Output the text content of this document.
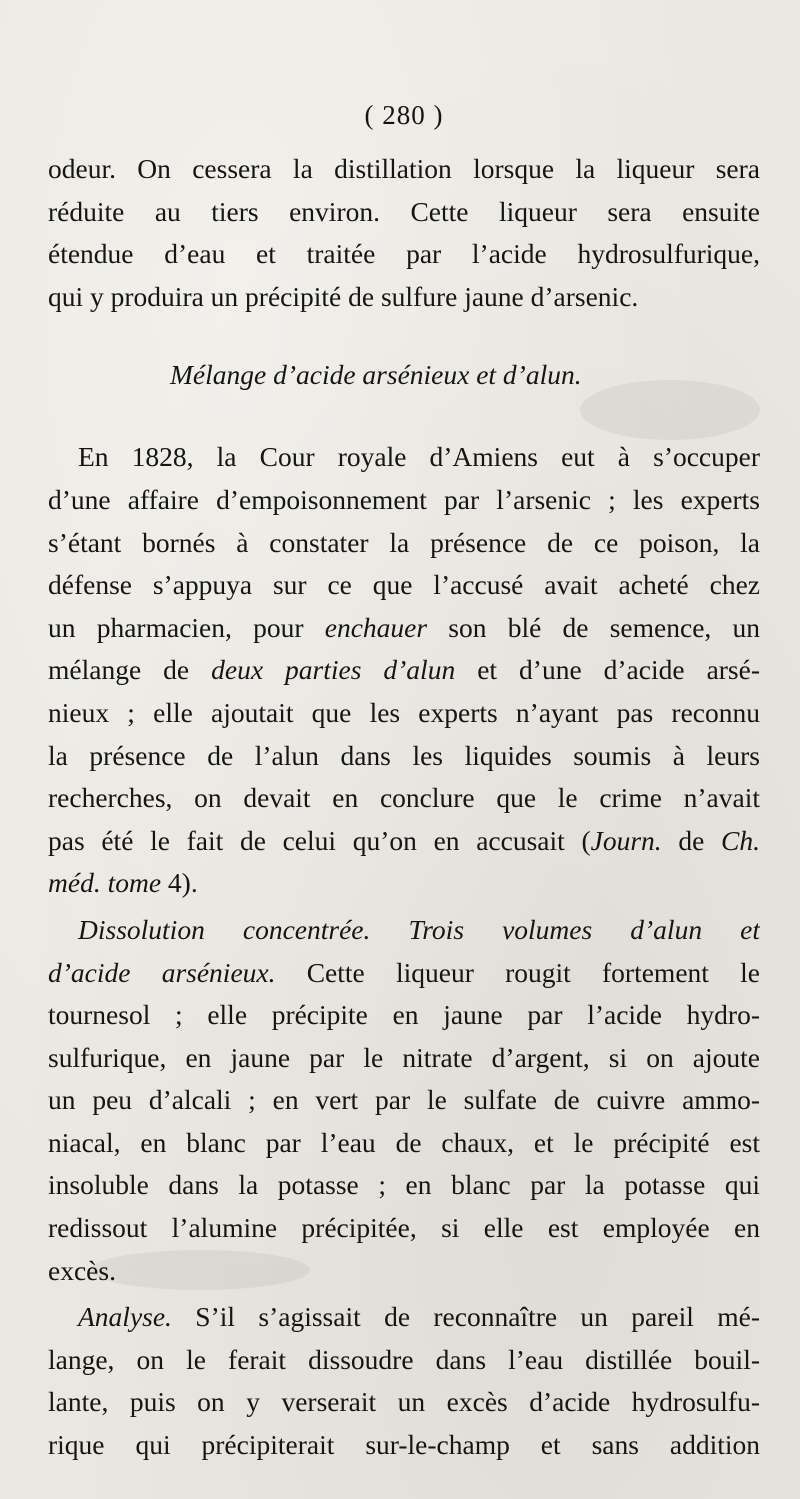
( 280 )
odeur. On cessera la distillation lorsque la liqueur sera
réduite au tiers environ. Cette liqueur sera ensuite
étendue d’eau et traitée par l’acide hydrosulfurique,
qui y produira un précipité de sulfure jaune d’arsenic.
Mélange d’acide arsénieux et d’alun.
En 1828, la Cour royale d’Amiens eut à s’occuper
d’une affaire d’empoisonnement par l’arsenic ; les experts
s’étant bornés à constater la présence de ce poison, la
défense s’appuya sur ce que l’accusé avait acheté chez
un pharmacien, pour enchauer son blé de semence, un
mélange de deux parties d’alun et d’une d’acide arsé-
nieux ; elle ajoutait que les experts n’ayant pas reconnu
la présence de l’alun dans les liquides soumis à leurs
recherches, on devait en conclure que le crime n’avait
pas été le fait de celui qu’on en accusait (Journ. de Ch.
méd. tome 4).
Dissolution concentrée. Trois volumes d’alun et
d’acide arsénieux. Cette liqueur rougit fortement le
tournesol ; elle précipite en jaune par l’acide hydro-
sulfurique, en jaune par le nitrate d’argent, si on ajoute
un peu d’alcali ; en vert par le sulfate de cuivre ammo-
niacal, en blanc par l’eau de chaux, et le précipité est
insoluble dans la potasse ; en blanc par la potasse qui
redissout l’alumine précipitée, si elle est employée en
excès.
Analyse. S’il s’agissait de reconnaître un pareil mé-
lange, on le ferait dissoudre dans l’eau distillée bouil-
lante, puis on y verserait un excès d’acide hydrosulfu-
rique qui précipiterait sur-le-champ et sans addition
